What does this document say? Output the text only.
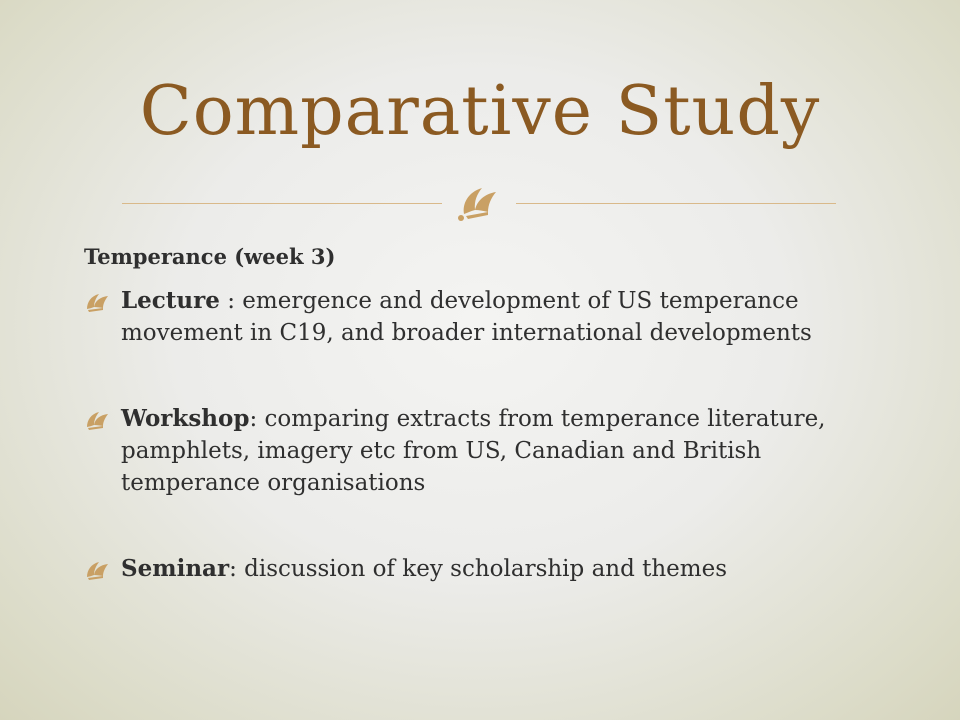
Comparative Study

Temperance (week 3)

Lecture : emergence and development of US temperance movement in C19, and broader international developments
Workshop: comparing extracts from temperance literature, pamphlets, imagery etc from US, Canadian and British temperance organisations
Seminar: discussion of key scholarship and themes
